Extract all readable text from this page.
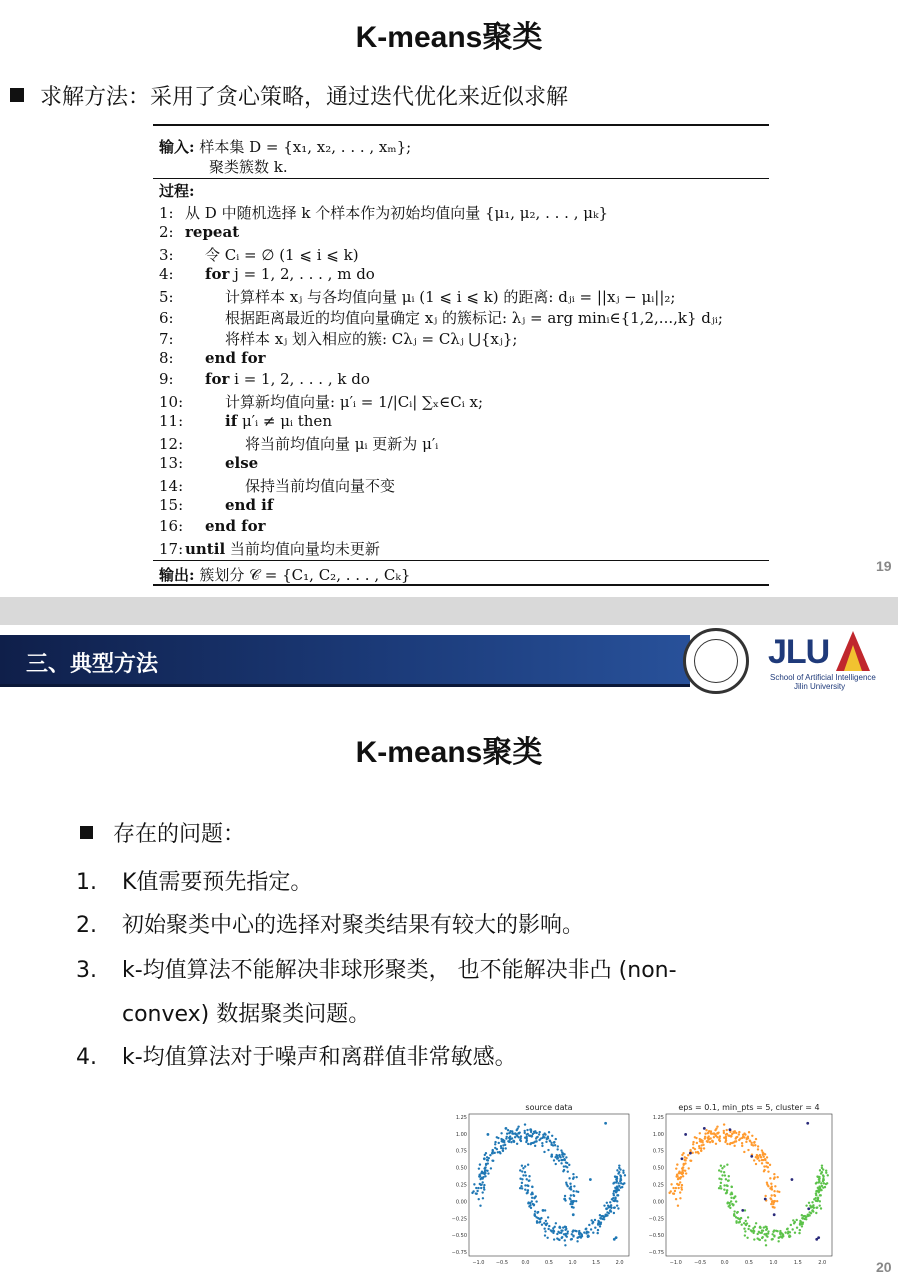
K-means聚类
求解方法：采用了贪心策略，通过迭代优化来近似求解
输入: 样本集 D = {x₁, x₂, . . . , xₘ};
聚类簇数 k.
过程:
1: 从 D 中随机选择 k 个样本作为初始均值向量 {μ₁, μ₂, . . . , μₖ}
2: repeat
3: 令 Cᵢ = ∅ (1 ⩽ i ⩽ k)
4: for j = 1, 2, . . . , m do
5:	计算样本 xⱼ 与各均值向量 μᵢ (1 ⩽ i ⩽ k) 的距离: dⱼᵢ = ||xⱼ − μᵢ||₂;
6:	根据距离最近的均值向量确定 xⱼ 的簇标记: λⱼ = arg minᵢ∈{1,2,...,k} dⱼᵢ;
7:	将样本 xⱼ 划入相应的簇: Cλⱼ = Cλⱼ ⋃{xⱼ};
8: end for
9: for i = 1, 2, . . . , k do
10:	计算新均值向量: μ′ᵢ = 1/|Cᵢ| ∑ₓ∈Cᵢ x;
11:	if μ′ᵢ ≠ μᵢ then
12:	将当前均值向量 μᵢ 更新为 μ′ᵢ
13:	else
14:	保持当前均值向量不变
15:	end if
16: end for
17: until 当前均值向量均未更新
输出: 簇划分 𝒞 = {C₁, C₂, . . . , Cₖ}	19
三、典型方法	JLU
School of Artificial Intelligence
Jilin University
K-means聚类
存在的问题：
1. K值需要预先指定。
2. 初始聚类中心的选择对聚类结果有较大的影响。
3. k-均值算法不能解决非球形聚类， 也不能解决非凸 (non-
convex) 数据聚类问题。
4. k-均值算法对于噪声和离群值非常敏感。
source data
−1.0 −0.5	0.0	0.5	1.0	1.5	2.0
1.25
1.00
0.75
0.50
0.25
0.00
−0.25
−0.50
−0.75
eps = 0.1, min_pts = 5, cluster = 4
−1.0 −0.5	0.0	0.5	1.0	1.5	2.0
1.25
1.00
0.75
0.50
0.25
0.00
−0.25
−0.50
−0.75
20
